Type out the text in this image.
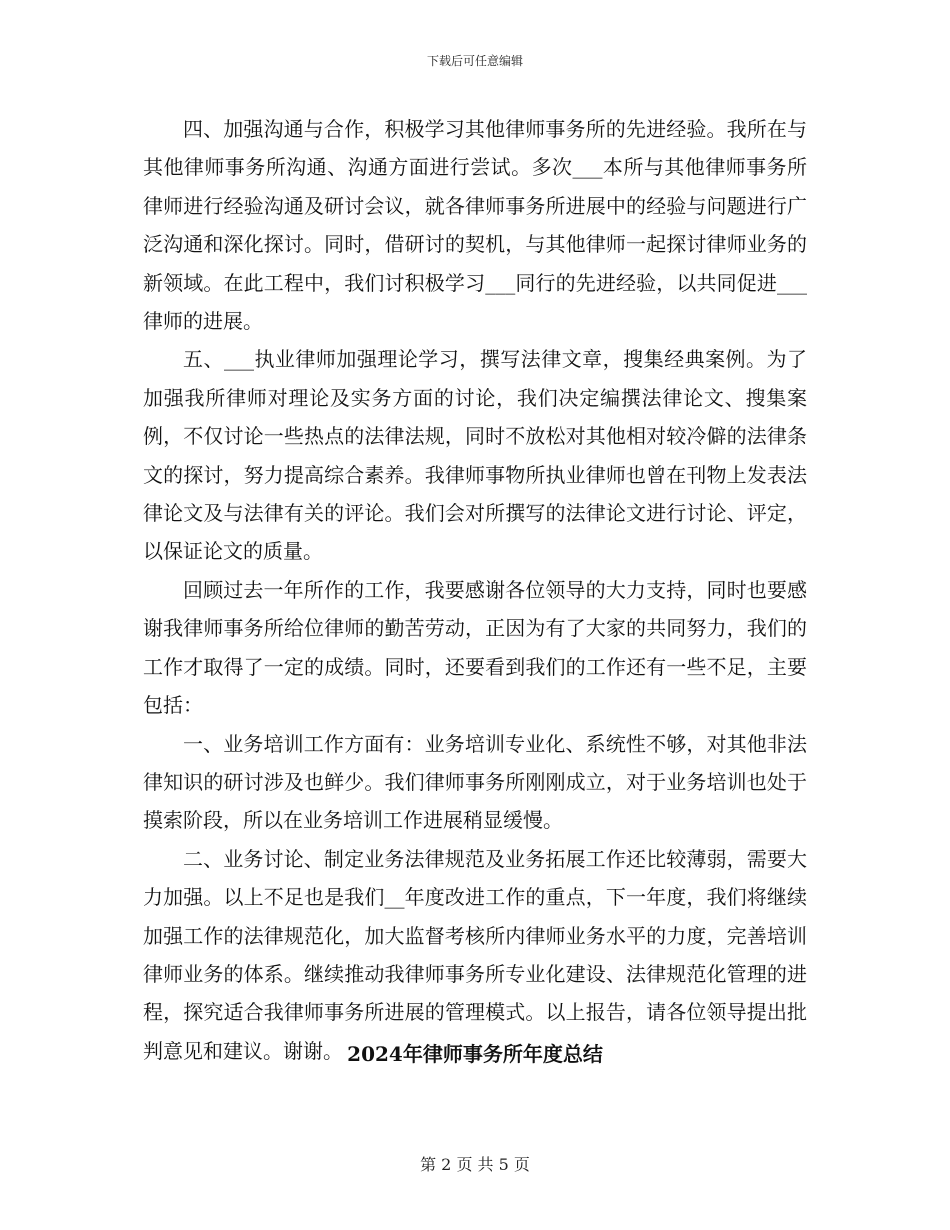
下载后可任意编辑

四、加强沟通与合作，积极学习其他律师事务所的先进经验。我所在与其他律师事务所沟通、沟通方面进行尝试。多次___本所与其他律师事务所律师进行经验沟通及研讨会议，就各律师事务所进展中的经验与问题进行广泛沟通和深化探讨。同时，借研讨的契机，与其他律师一起探讨律师业务的新领域。在此工程中，我们讨积极学习___同行的先进经验，以共同促进___律师的进展。

五、___执业律师加强理论学习，撰写法律文章，搜集经典案例。为了加强我所律师对理论及实务方面的讨论，我们决定编撰法律论文、搜集案例，不仅讨论一些热点的法律法规，同时不放松对其他相对较冷僻的法律条文的探讨，努力提高综合素养。我律师事物所执业律师也曾在刊物上发表法律论文及与法律有关的评论。我们会对所撰写的法律论文进行讨论、评定，以保证论文的质量。

回顾过去一年所作的工作，我要感谢各位领导的大力支持，同时也要感谢我律师事务所给位律师的勤苦劳动，正因为有了大家的共同努力，我们的工作才取得了一定的成绩。同时，还要看到我们的工作还有一些不足，主要包括：

一、业务培训工作方面有：业务培训专业化、系统性不够，对其他非法律知识的研讨涉及也鲜少。我们律师事务所刚刚成立，对于业务培训也处于摸索阶段，所以在业务培训工作进展稍显缓慢。

二、业务讨论、制定业务法律规范及业务拓展工作还比较薄弱，需要大力加强。以上不足也是我们__年度改进工作的重点，下一年度，我们将继续加强工作的法律规范化，加大监督考核所内律师业务水平的力度，完善培训律师业务的体系。继续推动我律师事务所专业化建设、法律规范化管理的进程，探究适合我律师事务所进展的管理模式。以上报告，请各位领导提出批判意见和建议。谢谢。 2024年律师事务所年度总结
第 2 页 共 5 页
